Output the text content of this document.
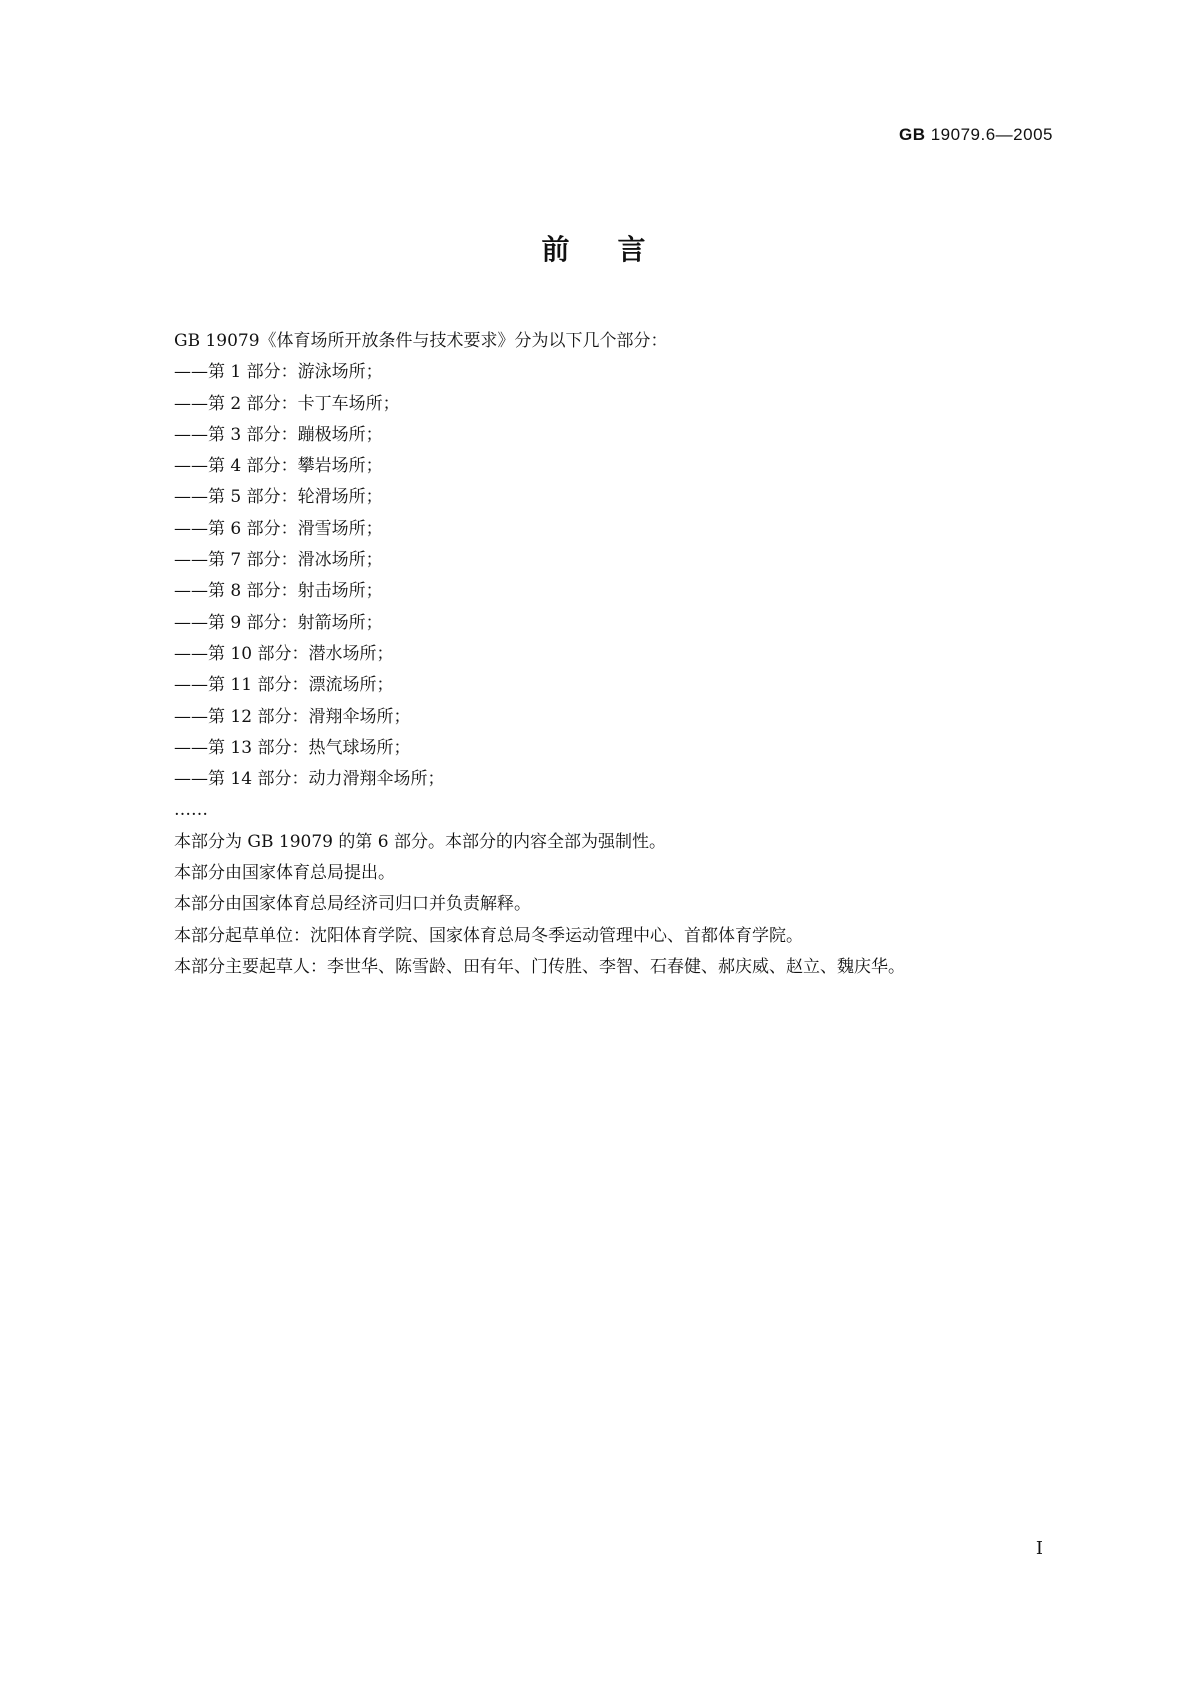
GB 19079.6—2005
前 言

GB 19079《体育场所开放条件与技术要求》分为以下几个部分：

——第 1 部分：游泳场所；

——第 2 部分：卡丁车场所；

——第 3 部分：蹦极场所；

——第 4 部分：攀岩场所；

——第 5 部分：轮滑场所；

——第 6 部分：滑雪场所；

——第 7 部分：滑冰场所；

——第 8 部分：射击场所；

——第 9 部分：射箭场所；

——第 10 部分：潜水场所；

——第 11 部分：漂流场所；

——第 12 部分：滑翔伞场所；

——第 13 部分：热气球场所；

——第 14 部分：动力滑翔伞场所；

……

本部分为 GB 19079 的第 6 部分。本部分的内容全部为强制性。

本部分由国家体育总局提出。

本部分由国家体育总局经济司归口并负责解释。

本部分起草单位：沈阳体育学院、国家体育总局冬季运动管理中心、首都体育学院。

本部分主要起草人：李世华、陈雪龄、田有年、门传胜、李智、石春健、郝庆威、赵立、魏庆华。

I
